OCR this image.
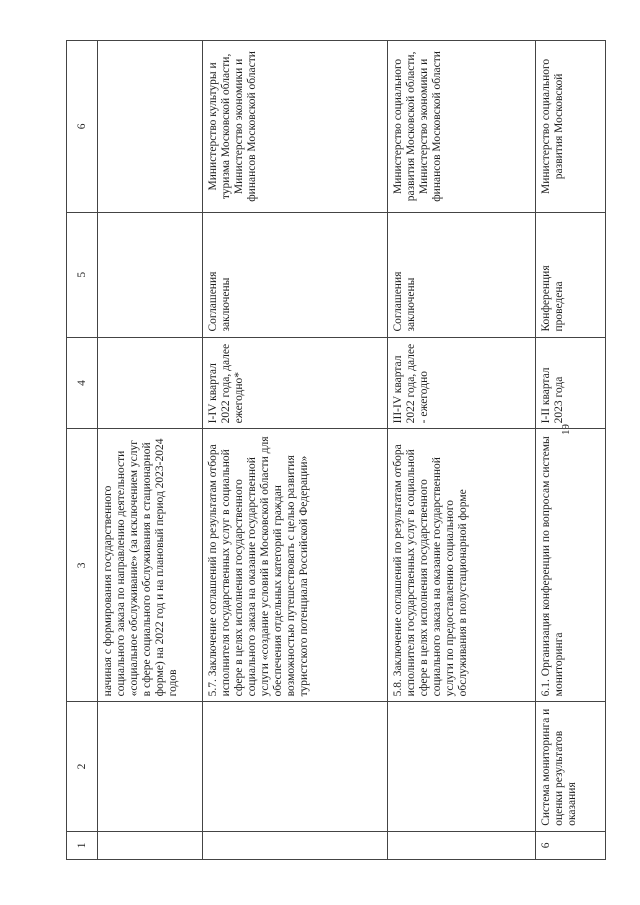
19
1	2	3	4	5	6
		начиная с формирования государственного социального заказа по направлению деятельности «социальное обслуживание» (за исключением услуг в сфере социального обслуживания в стационарной форме) на 2022 год и на плановый период 2023-2024 годов			
		5.7. Заключение соглашений по результатам отбора исполнителя государственных услуг в социальной сфере в целях исполнения государственного социального заказа на оказание государственной услуги «создание условий в Московской области для обеспечения отдельных категорий граждан возможностью путешествовать с целью развития туристского потенциала Российской Федерации»	I-IV квартал 2022 года, далее ежегодно*	Соглашения заключены	Министерство культуры и туризма Московской области, Министерство экономики и финансов Московской области
		5.8. Заключение соглашений по результатам отбора исполнителя государственных услуг в социальной сфере в целях исполнения государственного социального заказа на оказание государственной услуги по предоставлению социального обслуживания в полустационарной форме	III-IV квартал 2022 года, далее - ежегодно	Соглашения заключены	Министерство социального развития Московской области, Министерство экономики и финансов Московской области
6	Система мониторинга и оценки результатов оказания	6.1. Организация конференции по вопросам системы мониторинга	I-II квартал 2023 года	Конференция проведена	Министерство социального развития Московской
